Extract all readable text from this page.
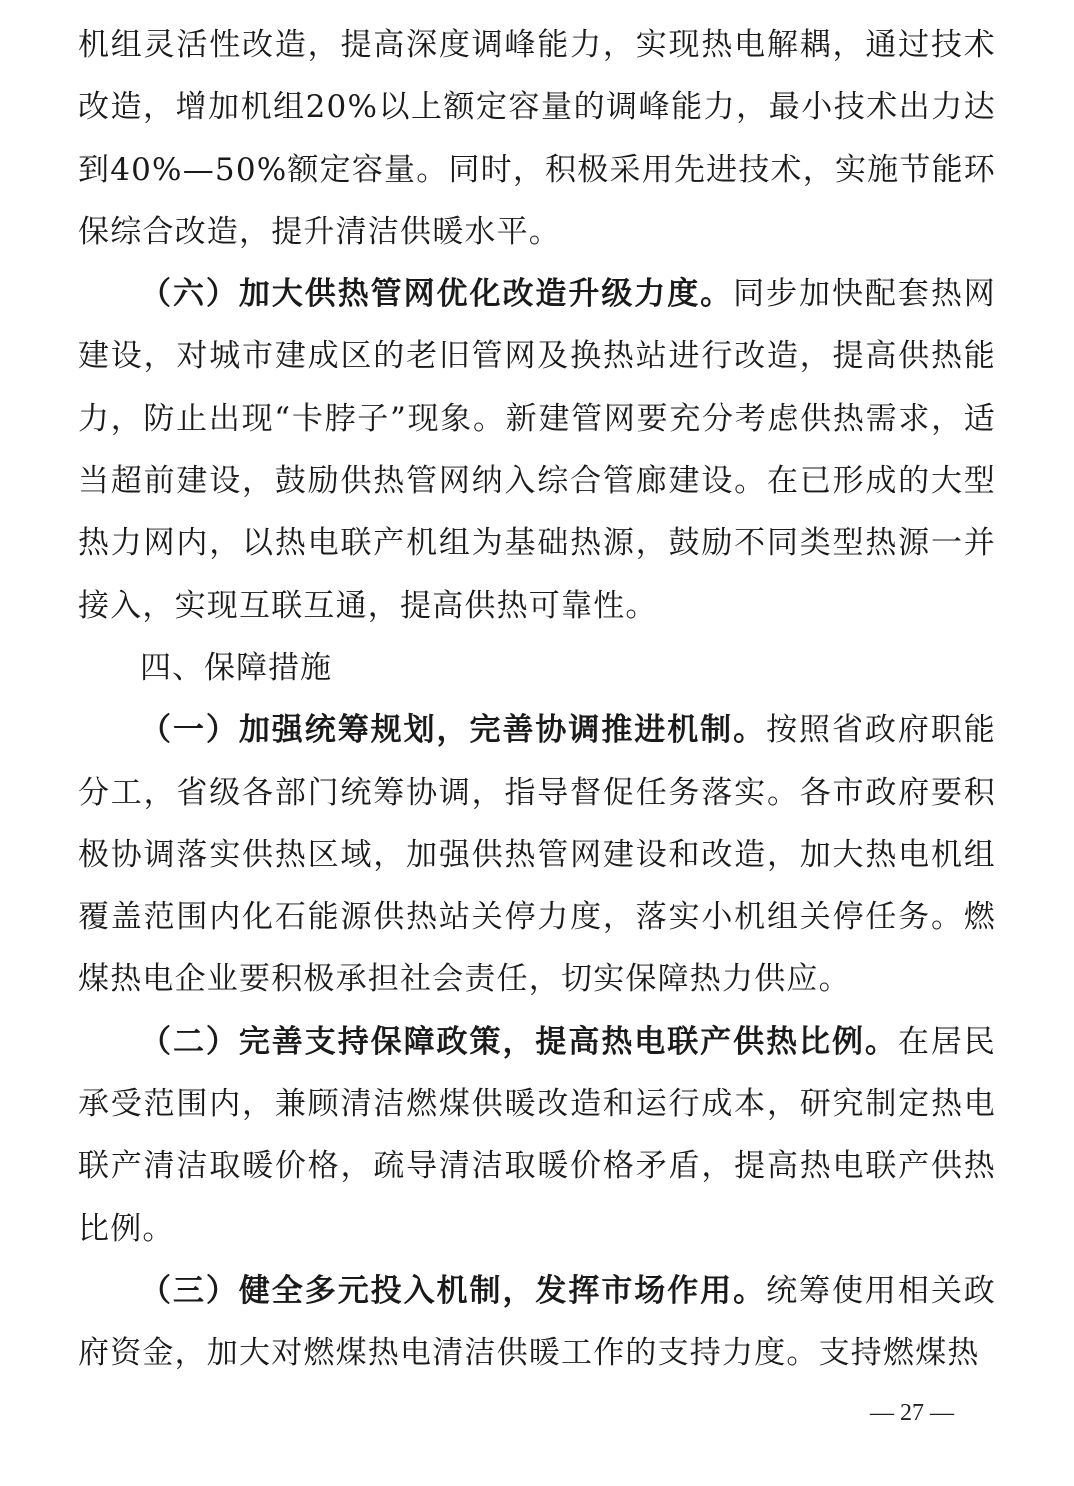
机组灵活性改造，提高深度调峰能力，实现热电解耦，通过技术改造，增加机组20%以上额定容量的调峰能力，最小技术出力达到40%—50%额定容量。同时，积极采用先进技术，实施节能环保综合改造，提升清洁供暖水平。

（六）加大供热管网优化改造升级力度。同步加快配套热网建设，对城市建成区的老旧管网及换热站进行改造，提高供热能力，防止出现“卡脖子”现象。新建管网要充分考虑供热需求，适当超前建设，鼓励供热管网纳入综合管廊建设。在已形成的大型热力网内，以热电联产机组为基础热源，鼓励不同类型热源一并接入，实现互联互通，提高供热可靠性。

四、保障措施

（一）加强统筹规划，完善协调推进机制。按照省政府职能分工，省级各部门统筹协调，指导督促任务落实。各市政府要积极协调落实供热区域，加强供热管网建设和改造，加大热电机组覆盖范围内化石能源供热站关停力度，落实小机组关停任务。燃煤热电企业要积极承担社会责任，切实保障热力供应。

（二）完善支持保障政策，提高热电联产供热比例。在居民承受范围内，兼顾清洁燃煤供暖改造和运行成本，研究制定热电联产清洁取暖价格，疏导清洁取暖价格矛盾，提高热电联产供热比例。

（三）健全多元投入机制，发挥市场作用。统筹使用相关政府资金，加大对燃煤热电清洁供暖工作的支持力度。支持燃煤热

— 27 —
